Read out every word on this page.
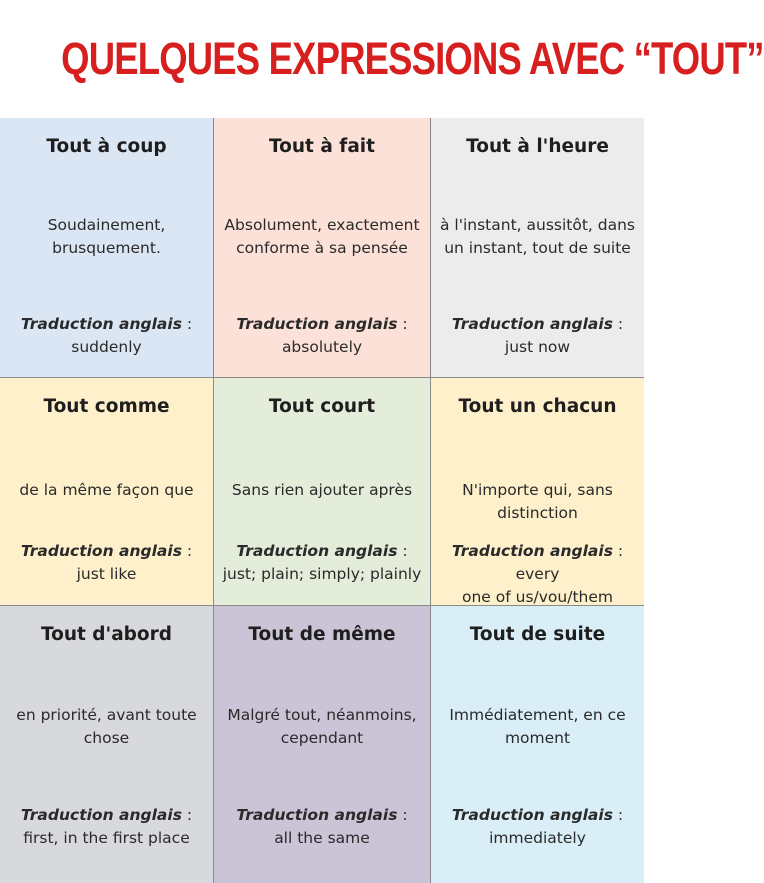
QUELQUES EXPRESSIONS AVEC “TOUT”
Tout à coup
Soudainement, brusquement.
Traduction anglais :
suddenly
Tout à fait
Absolument, exactement conforme à sa pensée
Traduction anglais :
absolutely
Tout à l'heure
à l'instant, aussitôt, dans un instant, tout de suite
Traduction anglais :
just now
Tout comme
de la même façon que
Traduction anglais :
just like
Tout court
Sans rien ajouter après
Traduction anglais :
just; plain; simply; plainly
Tout un chacun
N'importe qui, sans distinction
Traduction anglais : every
one of us/vou/them
Tout d'abord
en priorité, avant toute chose
Traduction anglais :
first, in the first place
Tout de même
Malgré tout, néanmoins, cependant
Traduction anglais :
all the same
Tout de suite
Immédiatement, en ce moment
Traduction anglais :
immediately
